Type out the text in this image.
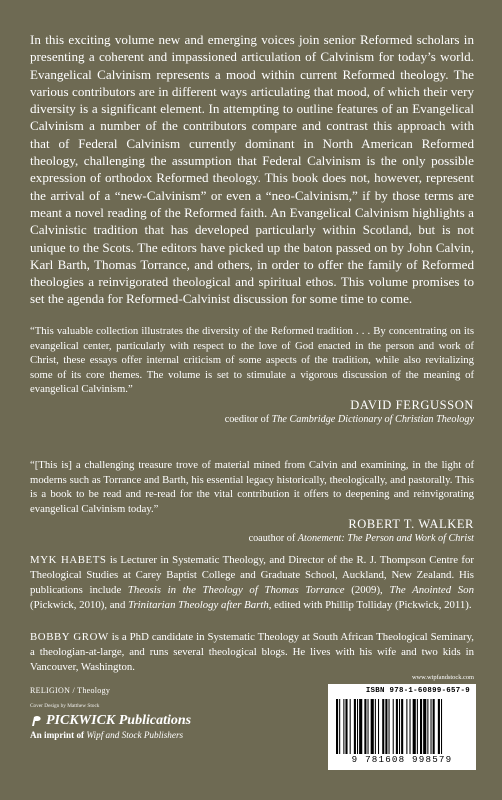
In this exciting volume new and emerging voices join senior Reformed scholars in presenting a coherent and impassioned articulation of Calvinism for today’s world. Evangelical Calvinism represents a mood within current Reformed theology. The various contributors are in different ways articulating that mood, of which their very diversity is a significant element. In attempting to outline features of an Evangelical Calvinism a number of the contributors compare and contrast this approach with that of Federal Calvinism currently dominant in North American Reformed theology, challenging the assumption that Federal Calvinism is the only possible expression of orthodox Reformed theology. This book does not, however, represent the arrival of a “new-Calvinism” or even a “neo-Calvinism,” if by those terms are meant a novel reading of the Reformed faith. An Evangelical Calvinism highlights a Calvinistic tradition that has developed particularly within Scotland, but is not unique to the Scots. The editors have picked up the baton passed on by John Calvin, Karl Barth, Thomas Torrance, and others, in order to offer the family of Reformed theologies a reinvigorated theological and spiritual ethos. This volume promises to set the agenda for Reformed-Calvinist discussion for some time to come.

“This valuable collection illustrates the diversity of the Reformed tradition . . . By concentrating on its evangelical center, particularly with respect to the love of God enacted in the person and work of Christ, these essays offer internal criticism of some aspects of the tradition, while also revitalizing some of its core themes. The volume is set to stimulate a vigorous discussion of the meaning of evangelical Calvinism.”

DAVID FERGUSSON
coeditor of The Cambridge Dictionary of Christian Theology

“[This is] a challenging treasure trove of material mined from Calvin and examining, in the light of moderns such as Torrance and Barth, his essential legacy historically, theologically, and pastorally. This is a book to be read and re-read for the vital contribution it offers to deepening and reinvigorating evangelical Calvinism today.”

ROBERT T. WALKER
coauthor of Atonement: The Person and Work of Christ

MYK HABETS is Lecturer in Systematic Theology, and Director of the R. J. Thompson Centre for Theological Studies at Carey Baptist College and Graduate School, Auckland, New Zealand. His publications include Theosis in the Theology of Thomas Torrance (2009), The Anointed Son (Pickwick, 2010), and Trinitarian Theology after Barth, edited with Phillip Tolliday (Pickwick, 2011).

BOBBY GROW is a PhD candidate in Systematic Theology at South African Theological Seminary, a theologian-at-large, and runs several theological blogs. He lives with his wife and two kids in Vancouver, Washington.

RELIGION / Theology

Cover Design by Matthew Stock
PICKWICK Publications
An imprint of Wipf and Stock Publishers
www.wipfandstock.com
ISBN 978-1-60899-657-9
9 781608 998579
